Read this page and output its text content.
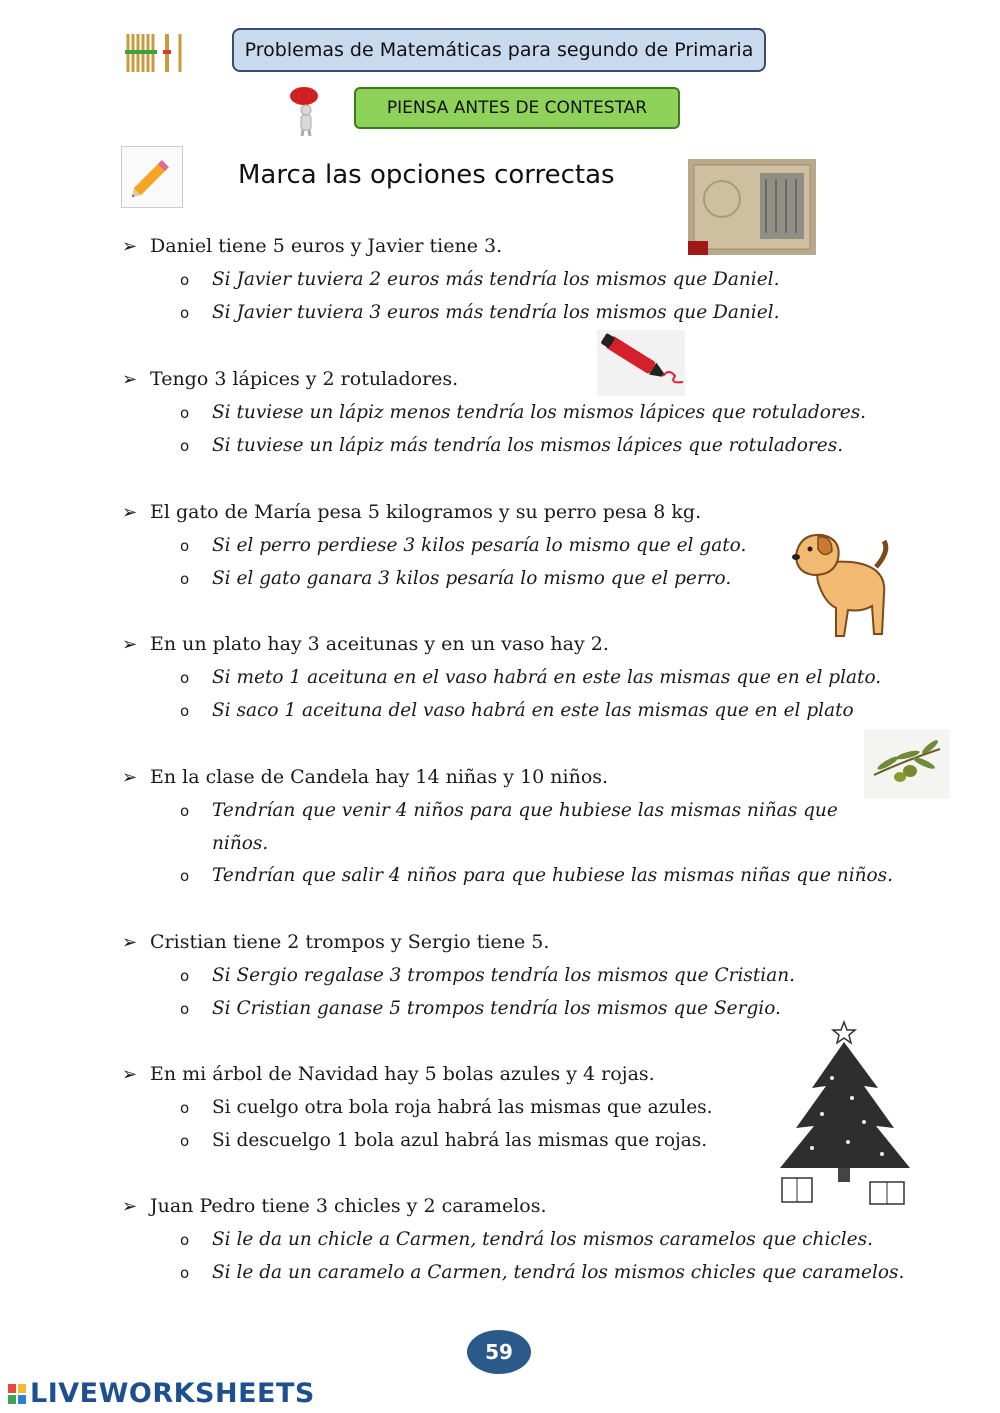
Problemas de Matemáticas para segundo de Primaria
PIENSA ANTES DE CONTESTAR
Marca las opciones correctas
➢ Daniel tiene 5 euros y Javier tiene 3.
o	Si Javier tuviera 2 euros más tendría los mismos que Daniel.
o	Si Javier tuviera 3 euros más tendría los mismos que Daniel.
➢ Tengo 3 lápices y 2 rotuladores.
o	Si tuviese un lápiz menos tendría los mismos lápices que rotuladores.
o	Si tuviese un lápiz más tendría los mismos lápices que rotuladores.
➢ El gato de María pesa 5 kilogramos y su perro pesa 8 kg.
o	Si el perro perdiese 3 kilos pesaría lo mismo que el gato.
o	Si el gato ganara 3 kilos pesaría lo mismo que el perro.
➢ En un plato hay 3 aceitunas y en un vaso hay 2.
o	Si meto 1 aceituna en el vaso habrá en este las mismas que en el plato.
o	Si saco 1 aceituna del vaso habrá en este las mismas que en el plato
➢ En la clase de Candela hay 14 niñas y 10 niños.
o	Tendrían que venir 4 niños para que hubiese las mismas niñas que niños.
o	Tendrían que salir 4 niños para que hubiese las mismas niñas que niños.
➢ Cristian tiene 2 trompos y Sergio tiene 5.
o	Si Sergio regalase 3 trompos tendría los mismos que Cristian.
o	Si Cristian ganase 5 trompos tendría los mismos que Sergio.
➢ En mi árbol de Navidad hay 5 bolas azules y 4 rojas.
o	Si cuelgo otra bola roja habrá las mismas que azules.
o	Si descuelgo 1 bola azul habrá las mismas que rojas.
➢ Juan Pedro tiene 3 chicles y 2 caramelos.
o	Si le da un chicle a Carmen, tendrá los mismos caramelos que chicles.
o	Si le da un caramelo a Carmen, tendrá los mismos chicles que caramelos.
59
LIVEWORKSHEETS
